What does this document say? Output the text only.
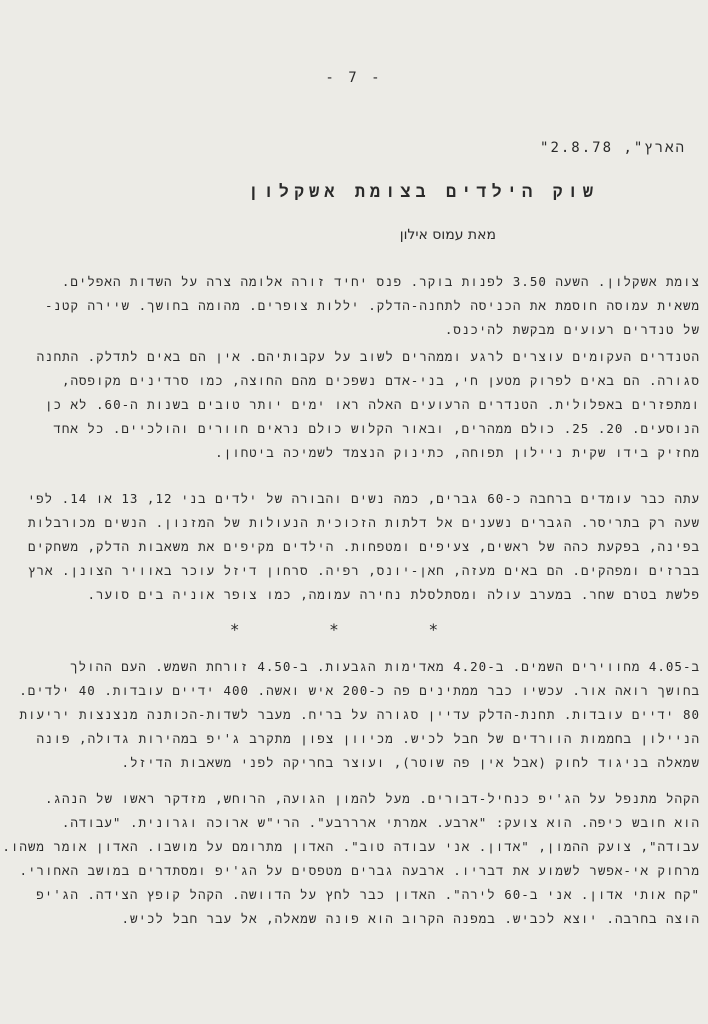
- 7 -
"הארץ", 2.8.78
שוק הילדים בצומת אשקלון
מאת עמוס אילון
צומת אשקלון. השעה 3.50 לפנות בוקר. פנס יחיד זורה אלומה צרה על השדות האפלים.
משאית עמוסה חוסמת את הכניסה לתחנה-הדלק. יללות צופרים. מהומה בחושך. שיירה קטנ-
של טנדרים רעועים מבקשת להיכנס.
הטנדרים העקומים עוצרים לרגע וממהרים לשוב על עקבותיהם. אין הם באים לתדלק. התחנה
סגורה. הם באים לפרוק מטען חי, בני-אדם נשפכים מהם החוצה, כמו סרדינים מקופסה,
ומתפזרים באפלולית. הטנדרים הרעועים האלה ראו ימים יותר טובים בשנות ה-60. לא כן
הנוסעים. 20. 25. כולם ממהרים, ובאור הקלוש כולם נראים חוורים והולכיים. כל אחד
מחזיק בידו שקית ניילון תפוחה, כתינוק הנצמד לשמיכה ביטחון.
עתה כבר עומדים ברחבה כ-60 גברים, כמה נשים והבורה של ילדים בני 12, 13 או 14. לפי
שעה רק בתריסר. הגברים נשענים אל דלתות הזכוכית הנעולות של המזנון. הנשים מכורבלות
בפינה, בפקעת כהה של ראשים, צעיפים ומטפחות. הילדים מקיפים את משאבות הדלק, משחקים
בברזים ומפהקים. הם באים מעזה, חאן-יונס, רפיה. סרחון דיזל עוכר באוויר הצונן. ארץ
פלשת בטרם שחר. במערב עולה ומסתלסלת נחירה עמומה, כמו צופר אוניה בים סוער.
* * *
ב-4.05 מחווירים השמים. ב-4.20 מאדימות הגבעות. ב-4.50 זורחת השמש. העם ההולך
בחושך רואה אור. עכשיו כבר ממתינים פה כ-200 איש ואשה. 400 ידיים עובדות. 40 ילדים.
80 ידיים עובדות. תחנת-הדלק עדיין סגורה על בריח. מעבר לשדות-הכותנה מנצנצות יריעות
הניילון בחממות הוורדים של חבל לכיש. מכיוון צפון מתקרב ג'יפ במהירות גדולה, פונה
שמאלה בניגוד לחוק (אבל אין פה שוטר), ועוצר בחריקה לפני משאבות הדיזל.
הקהל מתנפל על הג'יפ כנחיל-דבורים. מעל להמון הגועה, הרוחש, מזדקר ראשו של הנהג.
הוא חובש כיפה. הוא צועק: "ארבע. אמרתי ארררבע". הרי"ש ארוכה וגרונית. "עבודה.
עבודה", צועק ההמון, "אדון. אני עבודה טוב". האדון מתרומם על מושבו. האדון אומר משהו.
מרחוק אי-אפשר לשמוע את דבריו. ארבעה גברים מטפסים על הג'יפ ומסתדרים במושב האחורי.
"קח אותי אדון. אני ב-60 לירה". האדון כבר לחץ על הדוושה. הקהל קופץ הצידה. הג'יפ
הוצה בחרבה. יוצא לכביש. במפנה הקרוב הוא פונה שמאלה, אל עבר חבל לכיש.
